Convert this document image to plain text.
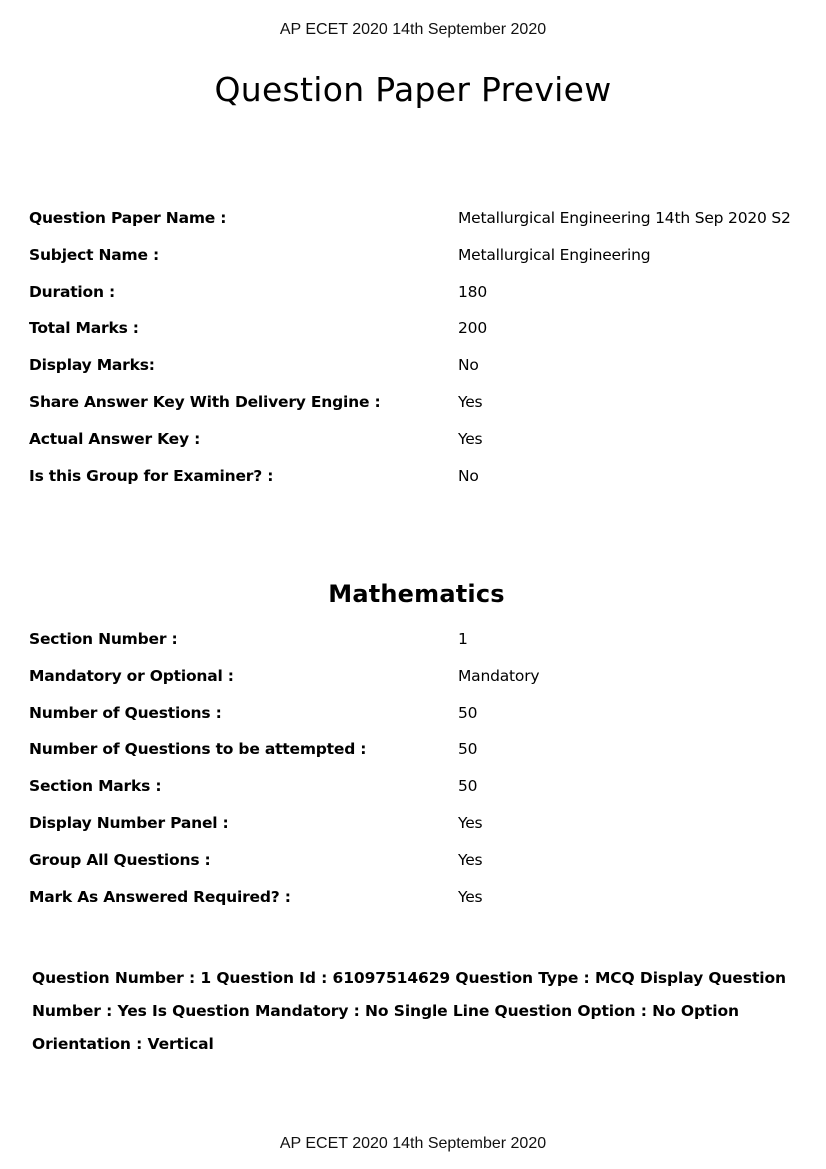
AP ECET 2020 14th September 2020
Question Paper Preview
Question Paper Name :	Metallurgical Engineering 14th Sep 2020 S2
Subject Name :	Metallurgical Engineering
Duration :	180
Total Marks :	200
Display Marks:	No
Share Answer Key With Delivery Engine :	Yes
Actual Answer Key :	Yes
Is this Group for Examiner? :	No
Mathematics
Section Number :	1
Mandatory or Optional :	Mandatory
Number of Questions :	50
Number of Questions to be attempted :	50
Section Marks :	50
Display Number Panel :	Yes
Group All Questions :	Yes
Mark As Answered Required? :	Yes
Question Number : 1 Question Id : 61097514629 Question Type : MCQ Display Question Number : Yes Is Question Mandatory : No Single Line Question Option : No Option Orientation : Vertical
AP ECET 2020 14th September 2020
